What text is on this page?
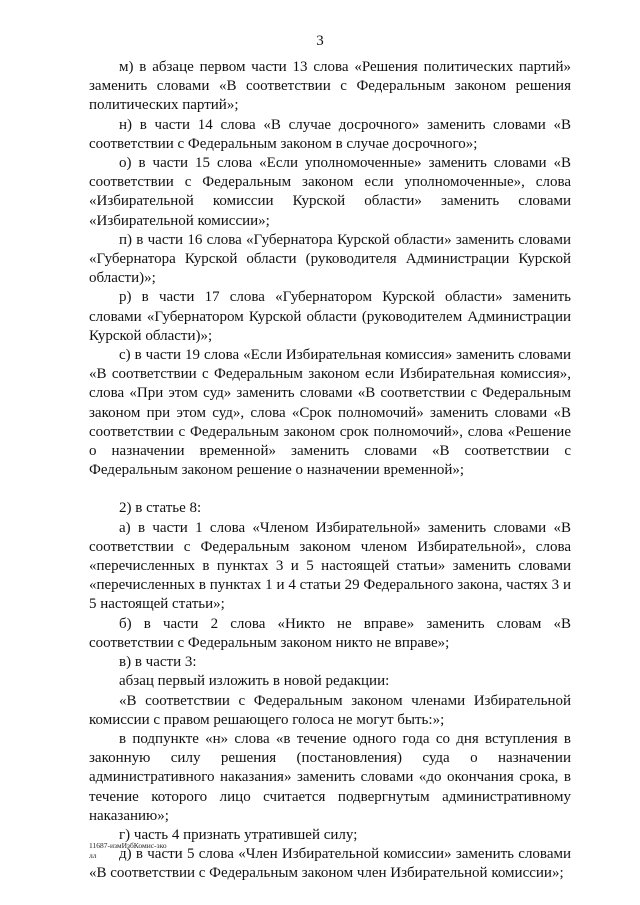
3

м) в абзаце первом части 13 слова «Решения политических партий» заменить словами «В соответствии с Федеральным законом решения политических партий»;

н) в части 14 слова «В случае досрочного» заменить словами «В соответствии с Федеральным законом в случае досрочного»;

о) в части 15 слова «Если уполномоченные» заменить словами «В соответствии с Федеральным законом если уполномоченные», слова «Избирательной комиссии Курской области» заменить словами «Избирательной комиссии»;

п) в части 16 слова «Губернатора Курской области» заменить словами «Губернатора Курской области (руководителя Администрации Курской области)»;

р) в части 17 слова «Губернатором Курской области» заменить словами «Губернатором Курской области (руководителем Администрации Курской области)»;

с) в части 19 слова «Если Избирательная комиссия» заменить словами «В соответствии с Федеральным законом если Избирательная комиссия», слова «При этом суд» заменить словами «В соответствии с Федеральным законом при этом суд», слова «Срок полномочий» заменить словами «В соответствии с Федеральным законом срок полномочий», слова «Решение о назначении временной» заменить словами «В соответствии с Федеральным законом решение о назначении временной»;

2) в статье 8:

а) в части 1 слова «Членом Избирательной» заменить словами «В соответствии с Федеральным законом членом Избирательной», слова «перечисленных в пунктах 3 и 5 настоящей статьи» заменить словами «перечисленных в пунктах 1 и 4 статьи 29 Федерального закона, частях 3 и 5 настоящей статьи»;

б) в части 2 слова «Никто не вправе» заменить словам «В соответствии с Федеральным законом никто не вправе»;

в) в части 3:

абзац первый изложить в новой редакции:

«В соответствии с Федеральным законом членами Избирательной комиссии с правом решающего голоса не могут быть:»;

в подпункте «н» слова «в течение одного года со дня вступления в законную силу решения (постановления) суда о назначении административного наказания» заменить словами «до окончания срока, в течение которого лицо считается подвергнутым административному наказанию»;

г) часть 4 признать утратившей силу;

д) в части 5 слова «Член Избирательной комиссии» заменить словами «В соответствии с Федеральным законом член Избирательной комиссии»;

11687-измИзбКомис-зко
лл
